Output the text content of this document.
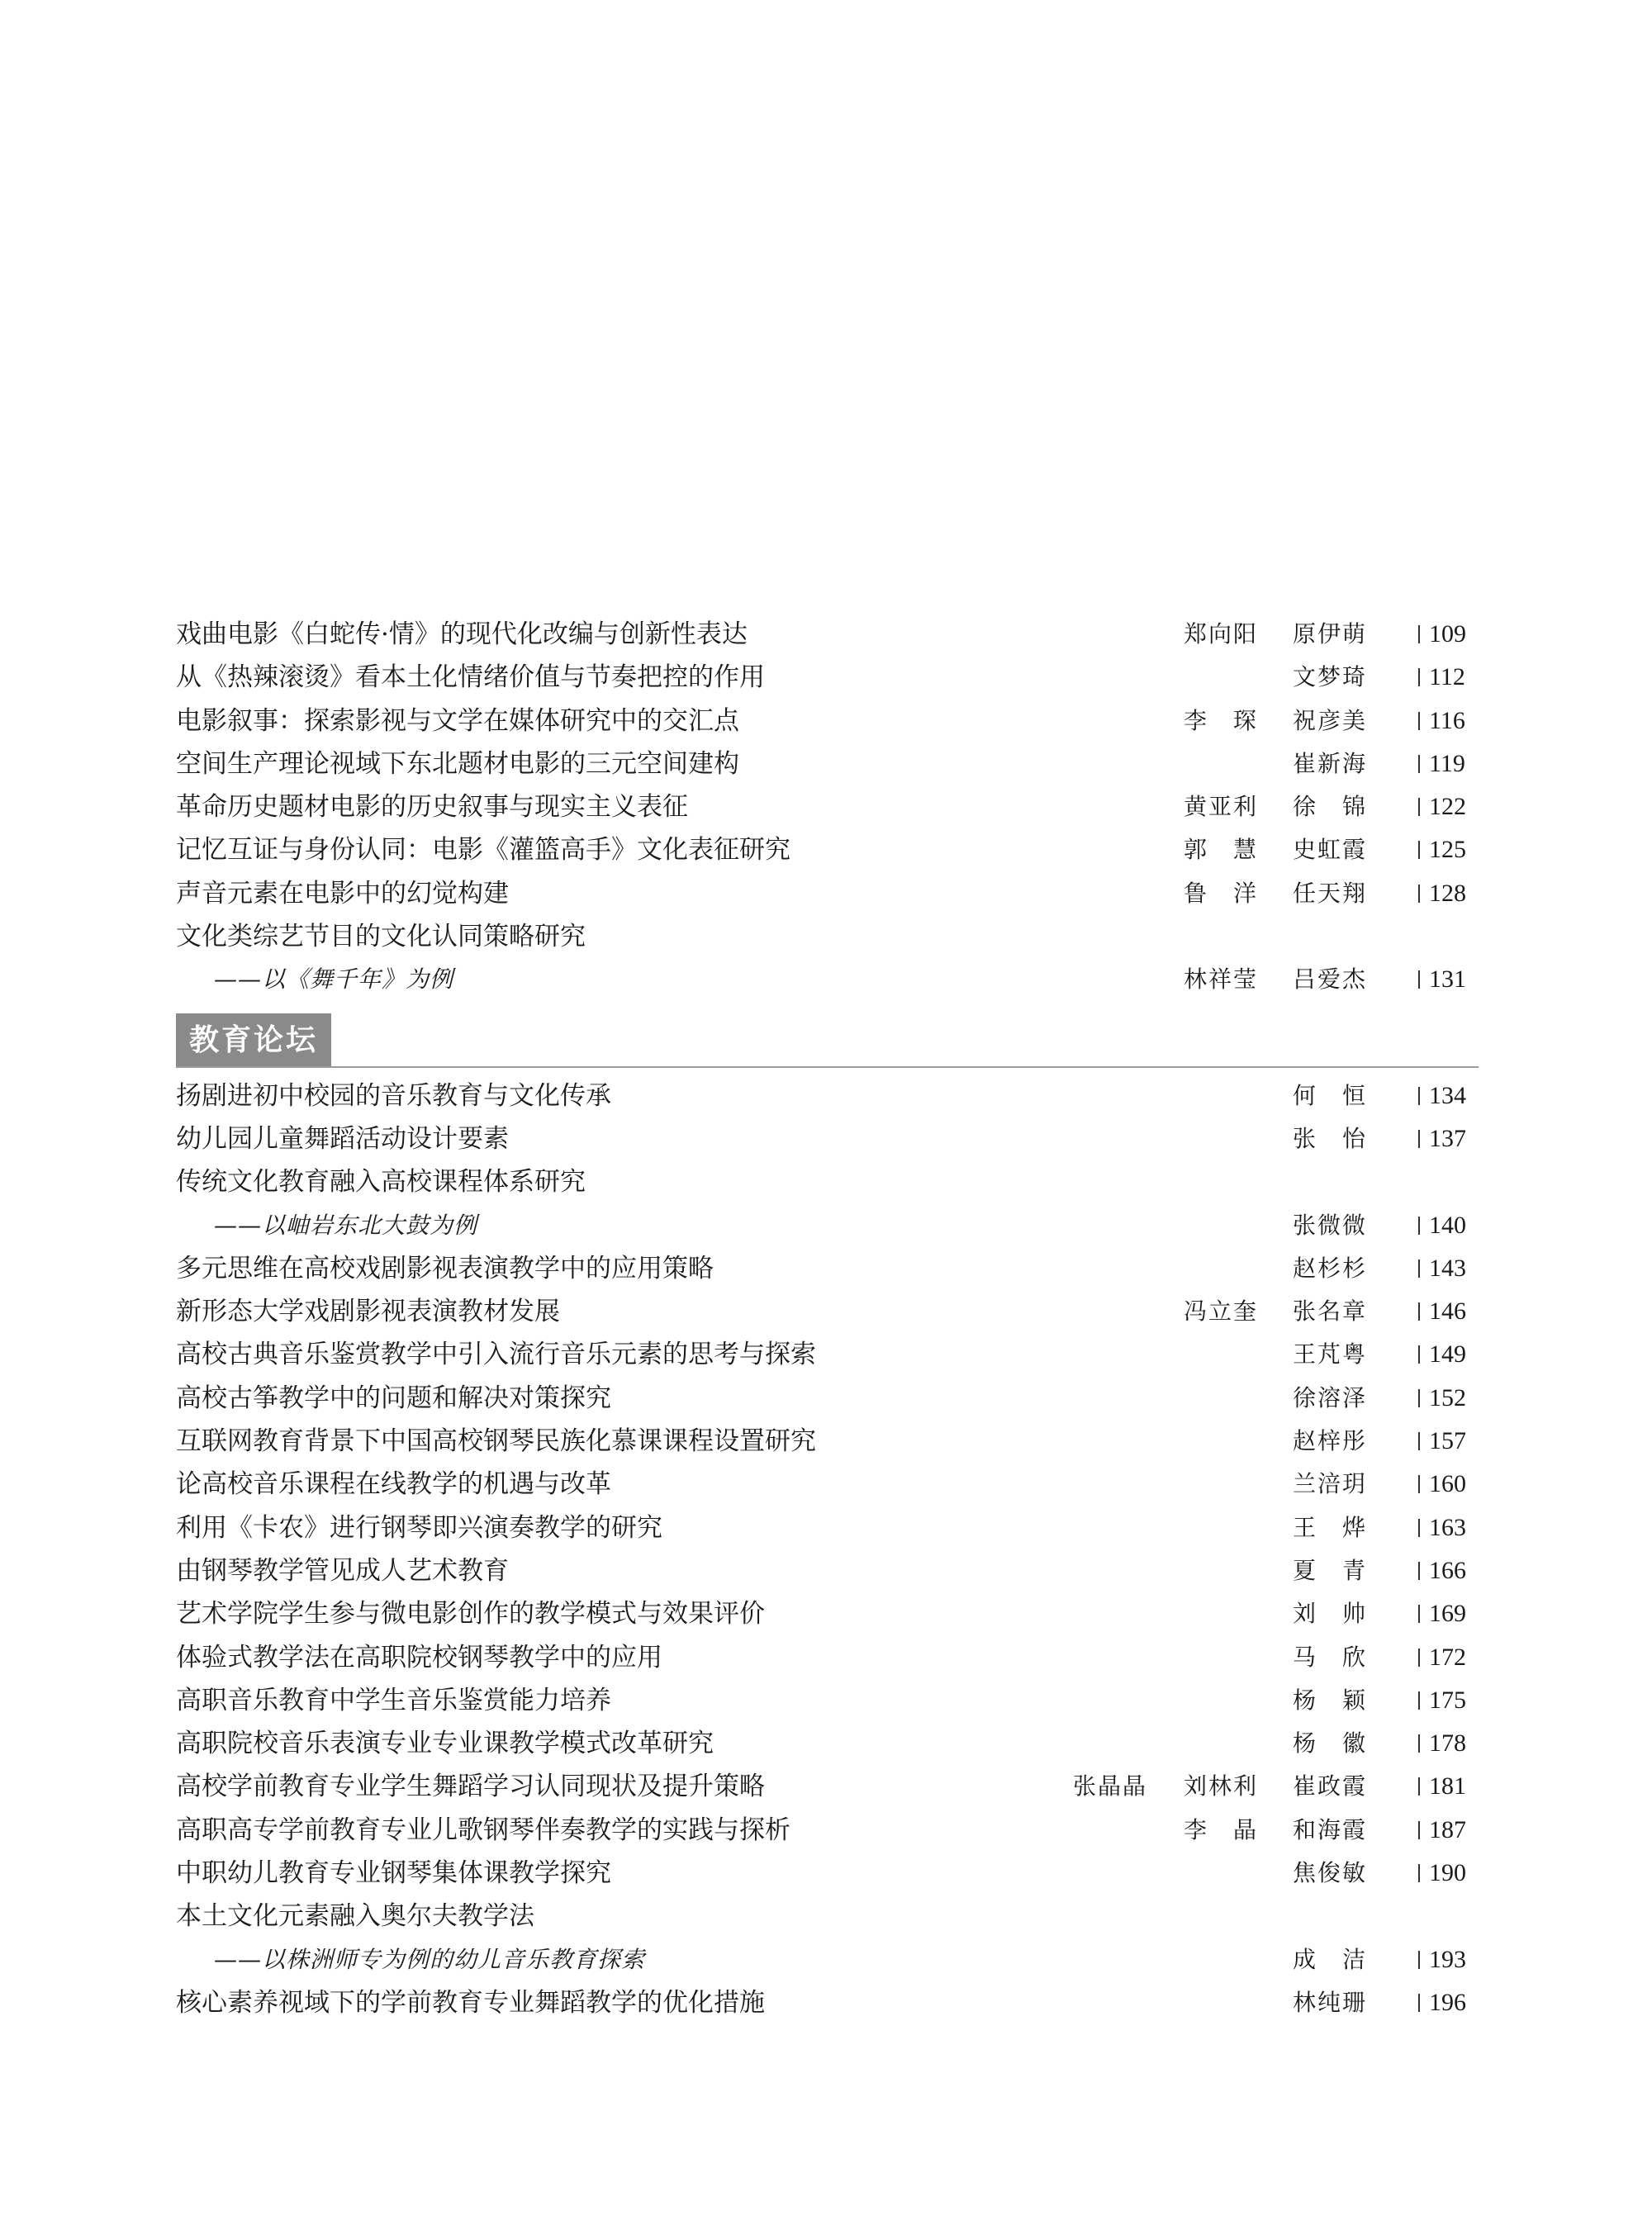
戏曲电影《白蛇传·情》的现代化改编与创新性表达	郑向阳	原伊萌	109
从《热辣滚烫》看本土化情绪价值与节奏把控的作用	文梦琦	112
电影叙事：探索影视与文学在媒体研究中的交汇点	李　琛	祝彦美	116
空间生产理论视域下东北题材电影的三元空间建构	崔新海	119
革命历史题材电影的历史叙事与现实主义表征	黄亚利	徐　锦	122
记忆互证与身份认同：电影《灌篮高手》文化表征研究	郭　慧	史虹霞	125
声音元素在电影中的幻觉构建	鲁　洋	任天翔	128
文化类综艺节目的文化认同策略研究
——以《舞千年》为例	林祥莹	吕爱杰	131
教育论坛
扬剧进初中校园的音乐教育与文化传承	何　恒	134
幼儿园儿童舞蹈活动设计要素	张　怡	137
传统文化教育融入高校课程体系研究
——以岫岩东北大鼓为例	张微微	140
多元思维在高校戏剧影视表演教学中的应用策略	赵杉杉	143
新形态大学戏剧影视表演教材发展	冯立奎	张名章	146
高校古典音乐鉴赏教学中引入流行音乐元素的思考与探索	王芃粤	149
高校古筝教学中的问题和解决对策探究	徐溶泽	152
互联网教育背景下中国高校钢琴民族化慕课课程设置研究	赵梓彤	157
论高校音乐课程在线教学的机遇与改革	兰涪玥	160
利用《卡农》进行钢琴即兴演奏教学的研究	王　烨	163
由钢琴教学管见成人艺术教育	夏　青	166
艺术学院学生参与微电影创作的教学模式与效果评价	刘　帅	169
体验式教学法在高职院校钢琴教学中的应用	马　欣	172
高职音乐教育中学生音乐鉴赏能力培养	杨　颖	175
高职院校音乐表演专业专业课教学模式改革研究	杨　徽	178
高校学前教育专业学生舞蹈学习认同现状及提升策略	张晶晶	刘林利	崔政霞	181
高职高专学前教育专业儿歌钢琴伴奏教学的实践与探析	李　晶	和海霞	187
中职幼儿教育专业钢琴集体课教学探究	焦俊敏	190
本土文化元素融入奥尔夫教学法
——以株洲师专为例的幼儿音乐教育探索	成　洁	193
核心素养视域下的学前教育专业舞蹈教学的优化措施	林纯珊	196
